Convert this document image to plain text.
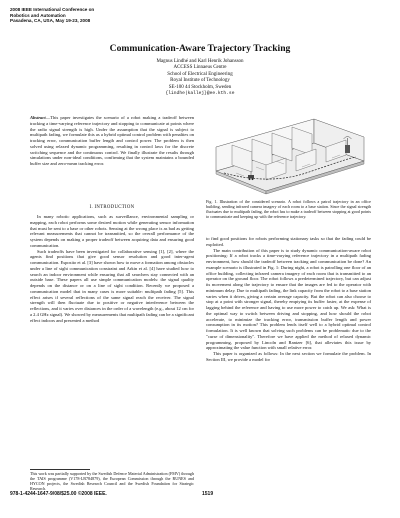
2008 IEEE International Conference on
Robotics and Automation
Pasadena, CA, USA, May 19-23, 2008
Communication-Aware Trajectory Tracking
Magnus Lindhé and Karl Henrik Johansson
ACCESS Linnaeus Centre
School of Electrical Engineering
Royal Institute of Technology
SE-100 44 Stockholm, Sweden
{lindhe|kallej}@ee.kth.se
Abstract—This paper investigates the scenario of a robot making a tradeoff between tracking a time-varying reference trajectory and stopping to communicate at points where the radio signal strength is high. Under the assumption that the signal is subject to multipath fading, we formulate this as a hybrid optimal control problem with penalties on tracking error, communication buffer length and control power. The problem is then solved using relaxed dynamic programming, resulting in control laws for the discrete switching sequence and the continuous control. We finally illustrate the results through simulations under non-ideal conditions, confirming that the system maintains a bounded buffer size and zero-mean tracking error.
I. INTRODUCTION

In many robotic applications, such as surveillance, environmental sampling or mapping, each robot performs some desired motion while generating sensor information that must be sent to a base or other robots. Sensing at the wrong place is as bad as getting relevant measurements that cannot be transmitted, so the overall performance of the system depends on making a proper tradeoff between acquiring data and ensuring good communication.

Such tradeoffs have been investigated for collaborative sensing [1], [2], where the agents find positions that give good sensor resolution and good inter-agent communication. Esposito et al. [3] have shown how to move a formation among obstacles under a line of sight communication constraint and Arkin et al. [4] have studied how to search an indoor environment while ensuring that all searchers stay connected with an outside base. These papers all use simple communication models: the signal quality depends on the distance or on a line of sight condition. Recently we proposed a communication model that in many cases is more suitable: multipath fading [5]. This effect arises if several reflections of the same signal reach the receiver. The signal strength will then fluctuate due to positive or negative interference between the reflections, and it varies over distances in the order of a wavelength (e.g., about 12 cm for a 2.4 GHz signal). We showed by measurements that multipath fading can be a significant effect indoors and presented a method

This work was partially supported by the Swedish Defence Material Administration (FMV) through the TAIS programme (V178-LB784879), the European Commission through the RUNES and HYCON projects, the Swedish Research Council and the Swedish Foundation for Strategic Research.
Fig. 1. Illustration of the considered scenario. A robot follows a patrol trajectory in an office building, sending infrared camera imagery of each room to a base station. Since the signal strength fluctuates due to multipath fading, the robot has to make a tradeoff between stopping at good points to communicate and keeping up with the reference trajectory.

to find good positions for robots performing stationary tasks so that the fading could be exploited.

The main contribution of this paper is to study dynamic communication-aware robot positioning: If a robot tracks a time-varying reference trajectory in a multipath fading environment, how should the tradeoff between tracking and communication be done? An example scenario is illustrated in Fig. 1: During night, a robot is patrolling one floor of an office building, collecting infrared camera imagery of each room that is transmitted to an operator on the ground floor. The robot follows a predetermined trajectory, but can adjust its movement along the trajectory to ensure that the images are fed to the operator with minimum delay. Due to multipath fading, the link capacity from the robot to a base station varies when it drives, giving a certain average capacity. But the robot can also choose to stop at a point with stronger signal, thereby emptying its buffer faster, at the expense of lagging behind the reference and having to use more power to catch up. We ask: What is the optimal way to switch between driving and stopping, and how should the robot accelerate, to minimize the tracking error, transmission buffer length and power consumption in its motion? This problem lends itself well to a hybrid optimal control formulation. It is well known that solving such problems can be problematic due to the "curse of dimensionality". Therefore we have applied the method of relaxed dynamic programming, proposed by Lincoln and Rantzer [6], that alleviates this issue by approximating the value function with small relative error.

This paper is organized as follows: In the next section we formulate the problem. In Section III, we provide a model for

978-1-4244-1647-9/08/$25.00 ©2008 IEEE.	1519
